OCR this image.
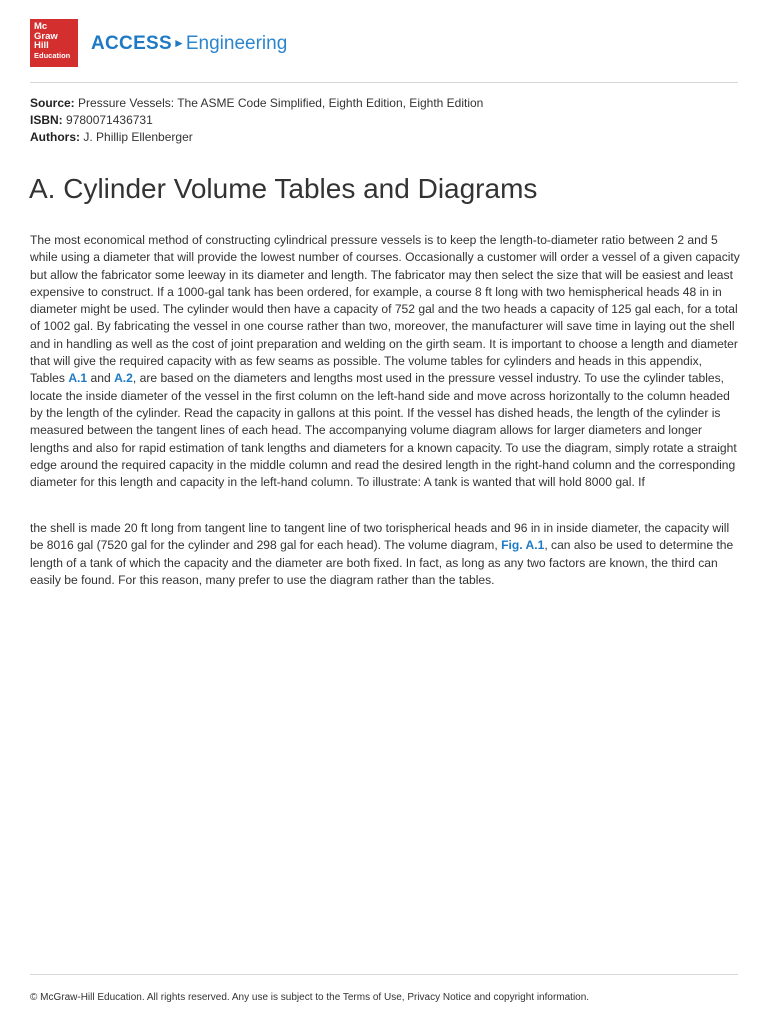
Mc
Graw
Hill
Education
ACCESS►Engineering
Source: Pressure Vessels: The ASME Code Simplified, Eighth Edition, Eighth Edition
ISBN: 9780071436731
Authors: J. Phillip Ellenberger
A. Cylinder Volume Tables and Diagrams

The most economical method of constructing cylindrical pressure vessels is to keep the length-to-diameter ratio between 2 and 5 while using a diameter that will provide the lowest number of courses. Occasionally a customer will order a vessel of a given capacity but allow the fabricator some leeway in its diameter and length. The fabricator may then select the size that will be easiest and least expensive to construct. If a 1000-gal tank has been ordered, for example, a course 8 ft long with two hemispherical heads 48 in in diameter might be used. The cylinder would then have a capacity of 752 gal and the two heads a capacity of 125 gal each, for a total of 1002 gal. By fabricating the vessel in one course rather than two, moreover, the manufacturer will save time in laying out the shell and in handling as well as the cost of joint preparation and welding on the girth seam. It is important to choose a length and diameter that will give the required capacity with as few seams as possible. The volume tables for cylinders and heads in this appendix, Tables A.1 and A.2, are based on the diameters and lengths most used in the pressure vessel industry. To use the cylinder tables, locate the inside diameter of the vessel in the first column on the left-hand side and move across horizontally to the column headed by the length of the cylinder. Read the capacity in gallons at this point. If the vessel has dished heads, the length of the cylinder is measured between the tangent lines of each head. The accompanying volume diagram allows for larger diameters and longer lengths and also for rapid estimation of tank lengths and diameters for a known capacity. To use the diagram, simply rotate a straight edge around the required capacity in the middle column and read the desired length in the right-hand column and the corresponding diameter for this length and capacity in the left-hand column. To illustrate: A tank is wanted that will hold 8000 gal. If

the shell is made 20 ft long from tangent line to tangent line of two torispherical heads and 96 in in inside diameter, the capacity will be 8016 gal (7520 gal for the cylinder and 298 gal for each head). The volume diagram, Fig. A.1, can also be used to determine the length of a tank of which the capacity and the diameter are both fixed. In fact, as long as any two factors are known, the third can easily be found. For this reason, many prefer to use the diagram rather than the tables.

© McGraw-Hill Education. All rights reserved. Any use is subject to the Terms of Use, Privacy Notice and copyright information.
